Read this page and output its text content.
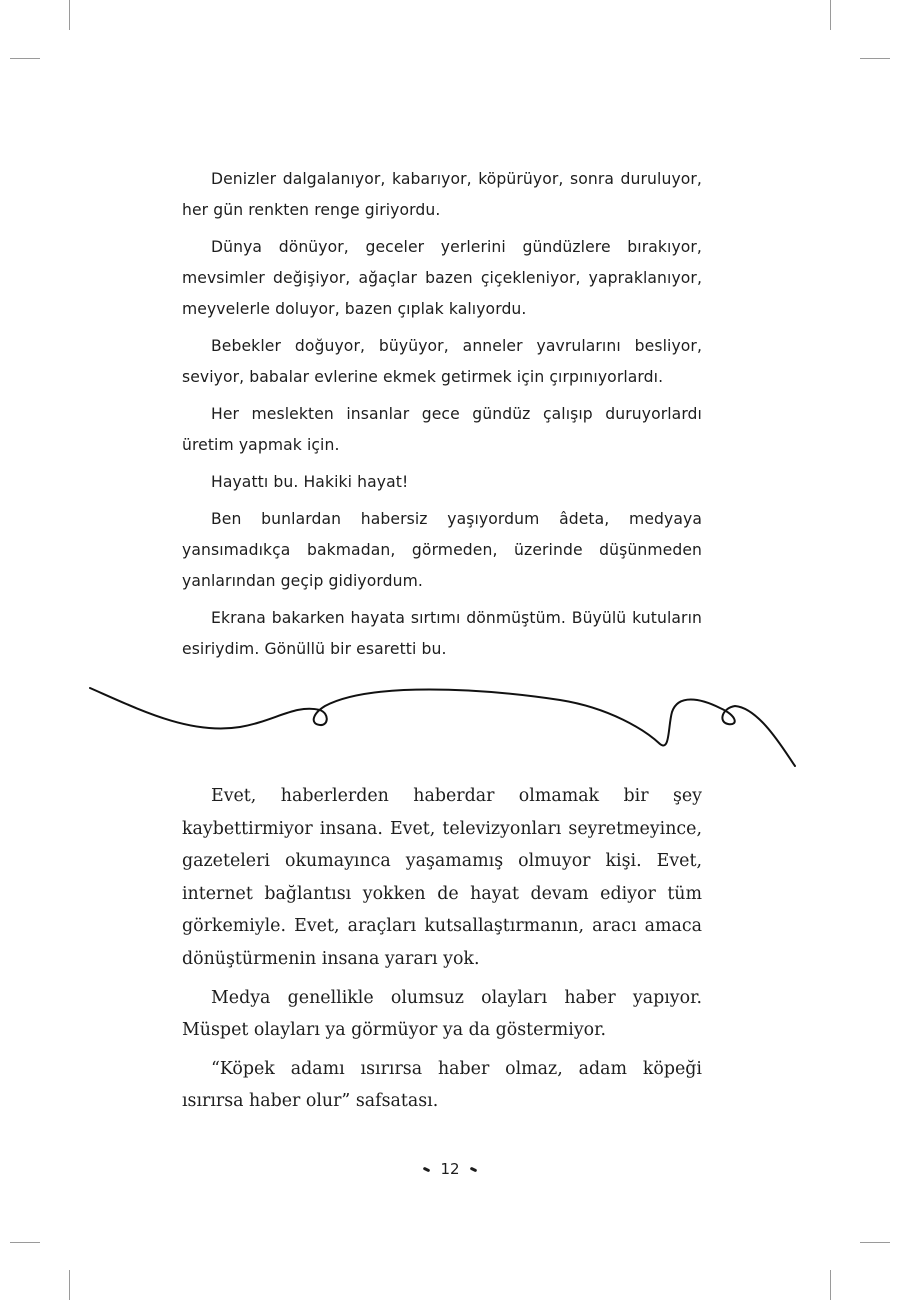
Denizler dalgalanıyor, kabarıyor, köpürüyor, sonra duruluyor, her gün renkten renge giriyordu.

Dünya dönüyor, geceler yerlerini gündüzlere bırakıyor, mevsimler değişiyor, ağaçlar bazen çiçekleniyor, yapraklanıyor, meyvelerle doluyor, bazen çıplak kalıyordu.

Bebekler doğuyor, büyüyor, anneler yavrularını besliyor, seviyor, babalar evlerine ekmek getirmek için çırpınıyorlardı.

Her meslekten insanlar gece gündüz çalışıp duruyorlardı üretim yapmak için.

Hayattı bu. Hakiki hayat!

Ben bunlardan habersiz yaşıyordum âdeta, medyaya yansımadıkça bakmadan, görmeden, üzerinde düşünmeden yanlarından geçip gidiyordum.

Ekrana bakarken hayata sırtımı dönmüştüm. Büyülü kutuların esiriydim. Gönüllü bir esaretti bu.

Evet, haberlerden haberdar olmamak bir şey kaybettirmiyor insana. Evet, televizyonları seyretmeyince, gazeteleri okumayınca yaşamamış olmuyor kişi. Evet, internet bağlantısı yokken de hayat devam ediyor tüm görkemiyle. Evet, araçları kutsallaştırmanın, aracı amaca dönüştürmenin insana yararı yok.

Medya genellikle olumsuz olayları haber yapıyor. Müspet olayları ya görmüyor ya da göstermiyor.

“Köpek adamı ısırırsa haber olmaz, adam köpeği ısırırsa haber olur” safsatası.

12
